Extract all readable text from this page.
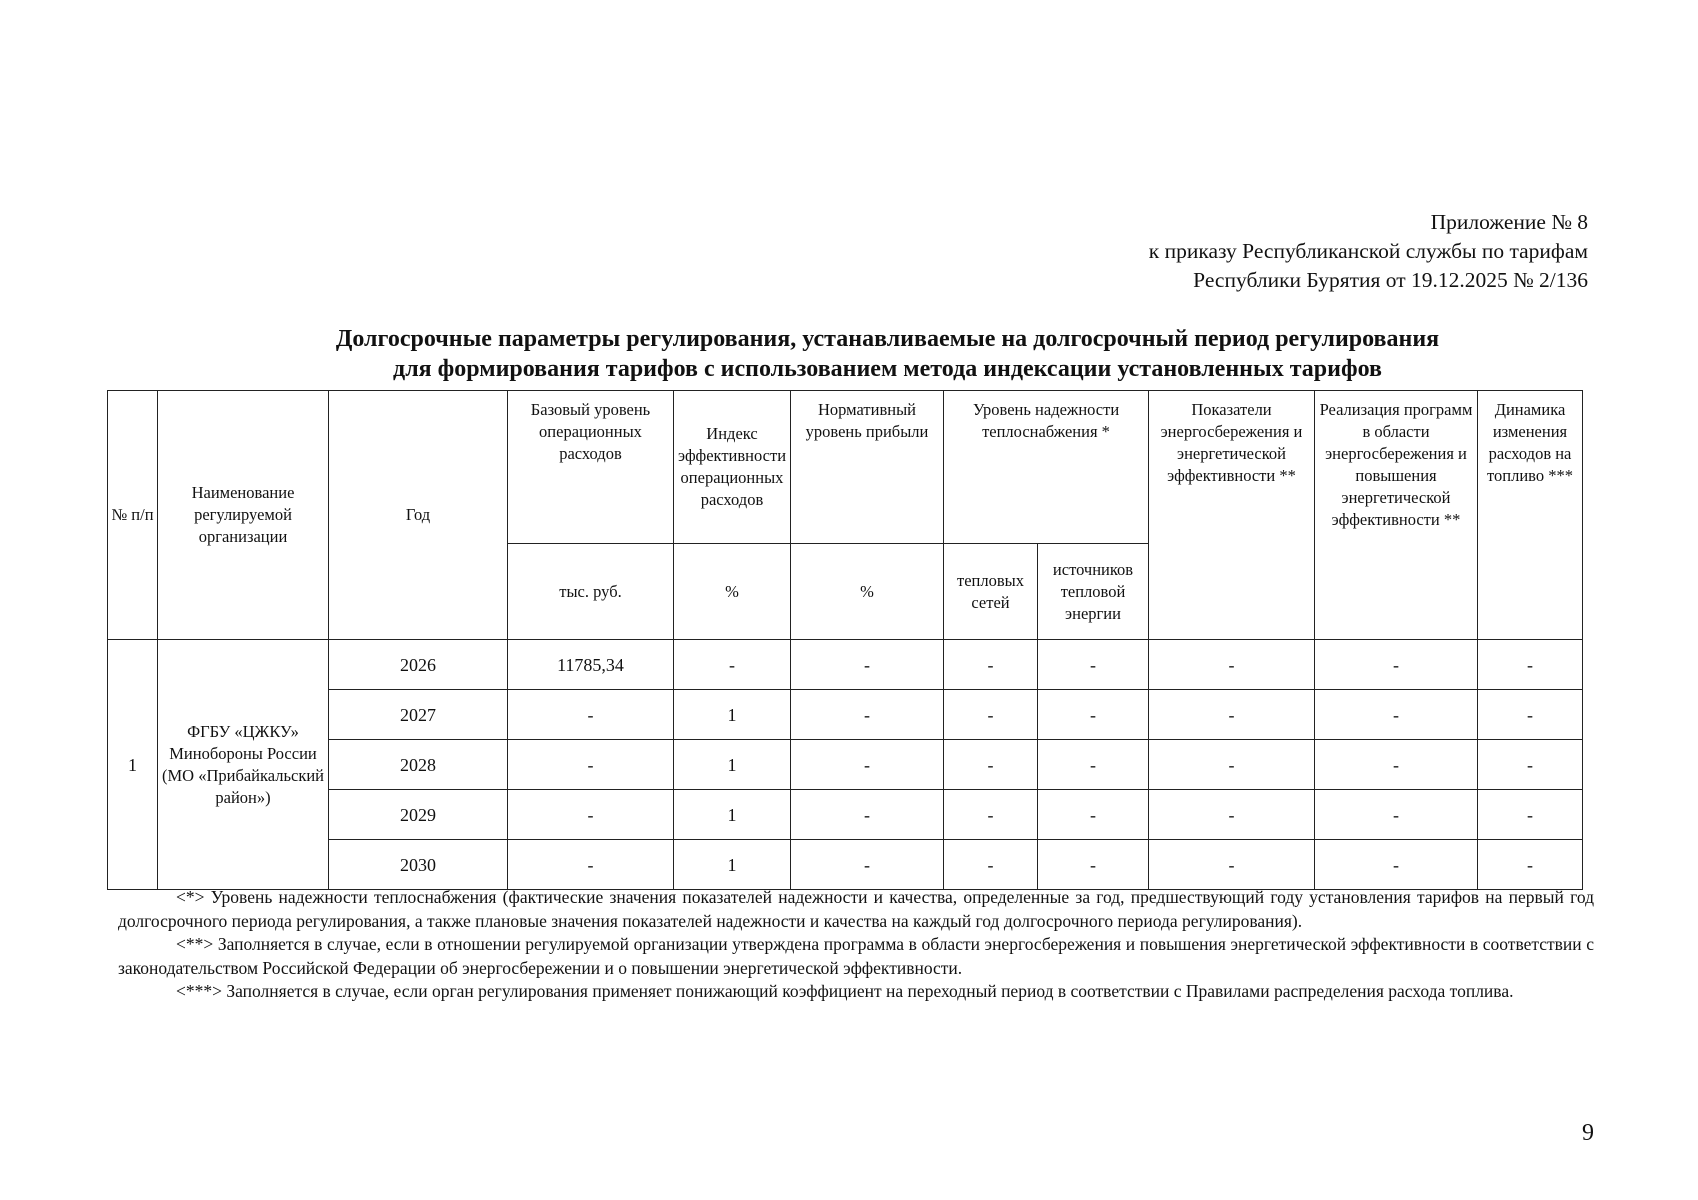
Приложение № 8
к приказу Республиканской службы по тарифам
Республики Бурятия от 19.12.2025 № 2/136
Долгосрочные параметры регулирования, устанавливаемые на долгосрочный период регулирования
для формирования тарифов с использованием метода индексации установленных тарифов
№ п/п	Наименование регулируемой организации	Год	Базовый уровень операционных расходов	Индекс эффективности операционных расходов	Нормативный уровень прибыли	Уровень надежности теплоснабжения *		Показатели энергосбережения и энергетической эффективности **	Реализация программ в области энергосбережения и повышения энергетической эффективности **	Динамика изменения расходов на топливо ***
			тыс. руб.	%	%	тепловых сетей	источников тепловой энергии			
1	ФГБУ «ЦЖКУ» Минобороны России (МО «Прибайкальский район»)	2026	11785,34	-	-	-	-	-	-	-
		2027	-	1	-	-	-	-	-	-
		2028	-	1	-	-	-	-	-	-
		2029	-	1	-	-	-	-	-	-
		2030	-	1	-	-	-	-	-	-

<*> Уровень надежности теплоснабжения (фактические значения показателей надежности и качества, определенные за год, предшествующий году установления тарифов на первый год долгосрочного периода регулирования, а также плановые значения показателей надежности и качества на каждый год долгосрочного периода регулирования).

<**> Заполняется в случае, если в отношении регулируемой организации утверждена программа в области энергосбережения и повышения энергетической эффективности в соответствии с законодательством Российской Федерации об энергосбережении и о повышении энергетической эффективности.

<***> Заполняется в случае, если орган регулирования применяет понижающий коэффициент на переходный период в соответствии с Правилами распределения расхода топлива.

9
